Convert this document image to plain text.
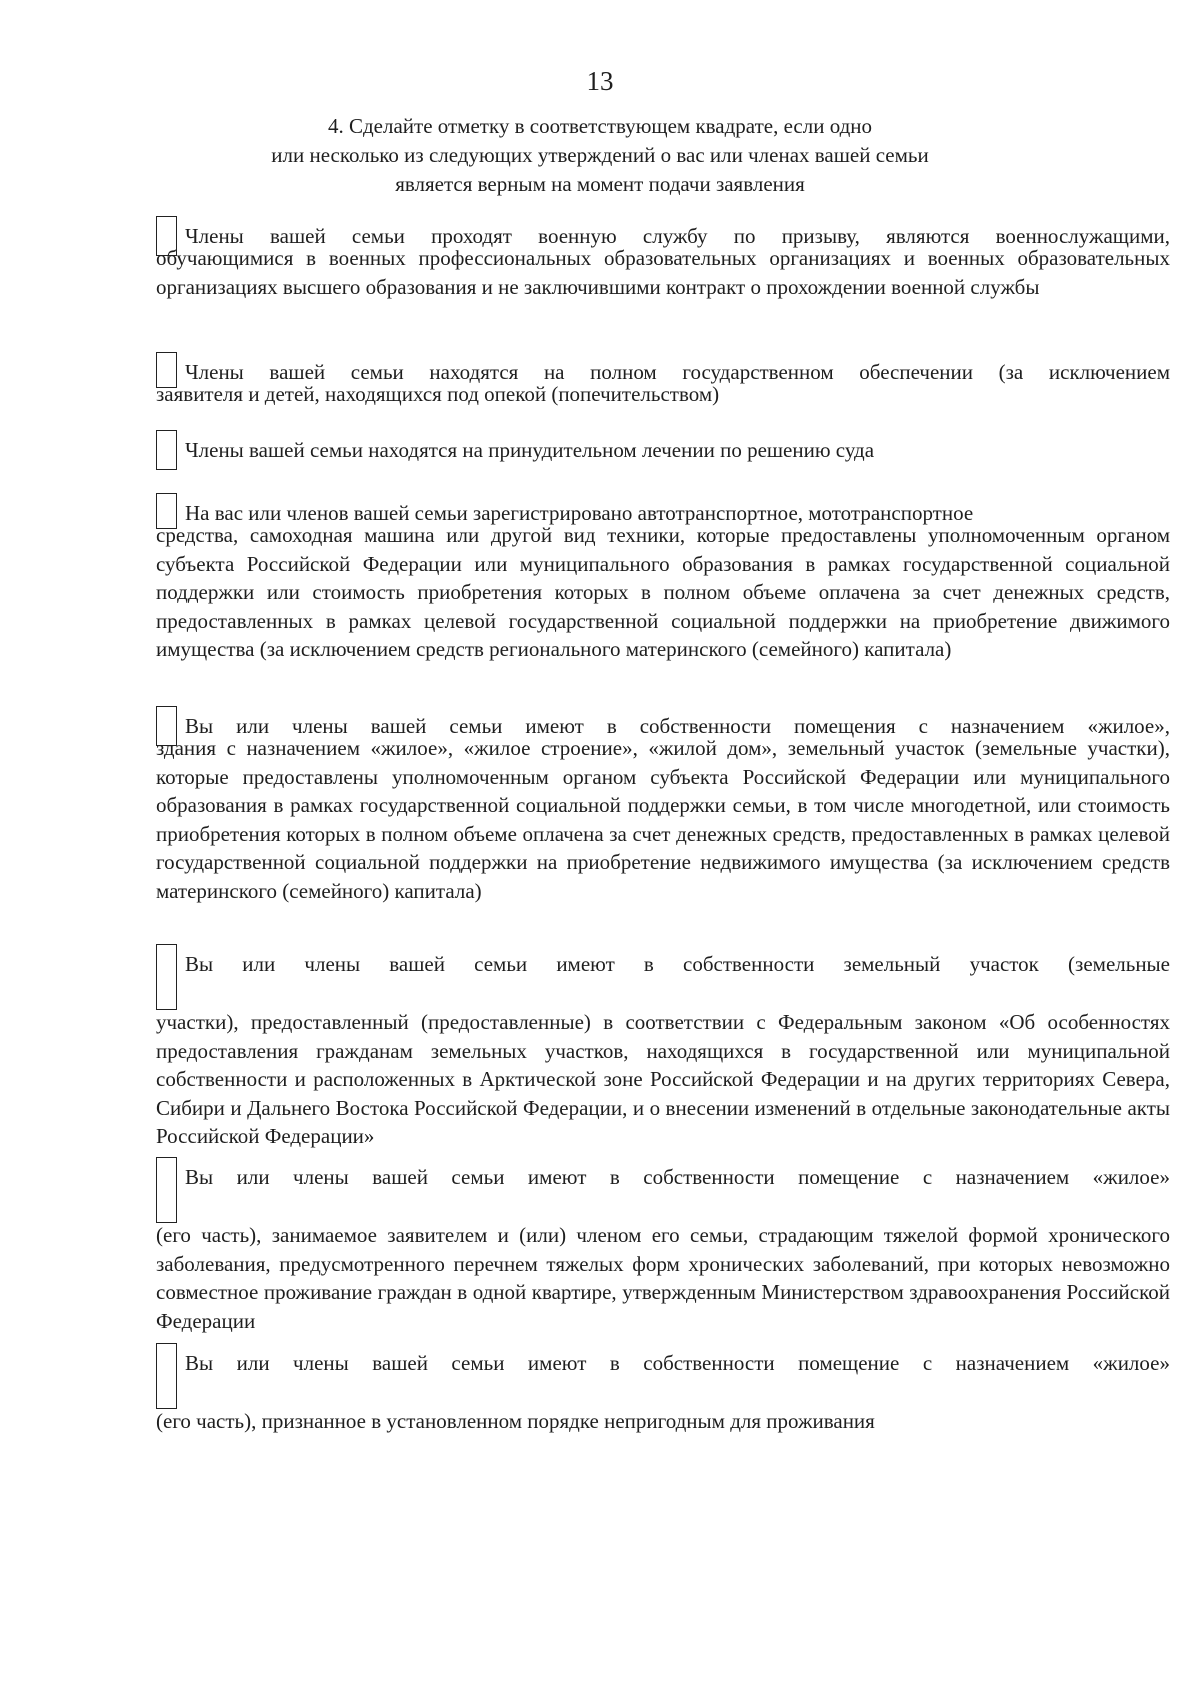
13
4. Сделайте отметку в соответствующем квадрате, если одно
или несколько из следующих утверждений о вас или членах вашей семьи
является верным на момент подачи заявления
Члены вашей семьи проходят военную службу по призыву, являются военнослужащими,
обучающимися в военных профессиональных образовательных организациях и военных образовательных организациях высшего образования и не заключившими контракт о прохождении военной службы
Члены вашей семьи находятся на полном государственном обеспечении (за исключением
заявителя и детей, находящихся под опекой (попечительством)
Члены вашей семьи находятся на принудительном лечении по решению суда
На вас или членов вашей семьи зарегистрировано автотранспортное, мототранспортное
средства, самоходная машина или другой вид техники, которые предоставлены уполномоченным органом субъекта Российской Федерации или муниципального образования в рамках государственной социальной поддержки или стоимость приобретения которых в полном объеме оплачена за счет денежных средств, предоставленных в рамках целевой государственной социальной поддержки на приобретение движимого имущества (за исключением средств регионального материнского (семейного) капитала)
Вы или члены вашей семьи имеют в собственности помещения с назначением «жилое»,
здания с назначением «жилое», «жилое строение», «жилой дом», земельный участок (земельные участки), которые предоставлены уполномоченным органом субъекта Российской Федерации или муниципального образования в рамках государственной социальной поддержки семьи, в том числе многодетной, или стоимость приобретения которых в полном объеме оплачена за счет денежных средств, предоставленных в рамках целевой государственной социальной поддержки на приобретение недвижимого имущества (за исключением средств материнского (семейного) капитала)
Вы или члены вашей семьи имеют в собственности земельный участок (земельные
участки), предоставленный (предоставленные) в соответствии с Федеральным законом «Об особенностях предоставления гражданам земельных участков, находящихся в государственной или муниципальной собственности и расположенных в Арктической зоне Российской Федерации и на других территориях Севера, Сибири и Дальнего Востока Российской Федерации, и о внесении изменений в отдельные законодательные акты Российской Федерации»
Вы или члены вашей семьи имеют в собственности помещение с назначением «жилое»
(его часть), занимаемое заявителем и (или) членом его семьи, страдающим тяжелой формой хронического заболевания, предусмотренного перечнем тяжелых форм хронических заболеваний, при которых невозможно совместное проживание граждан в одной квартире, утвержденным Министерством здравоохранения Российской Федерации
Вы или члены вашей семьи имеют в собственности помещение с назначением «жилое»
(его часть), признанное в установленном порядке непригодным для проживания
